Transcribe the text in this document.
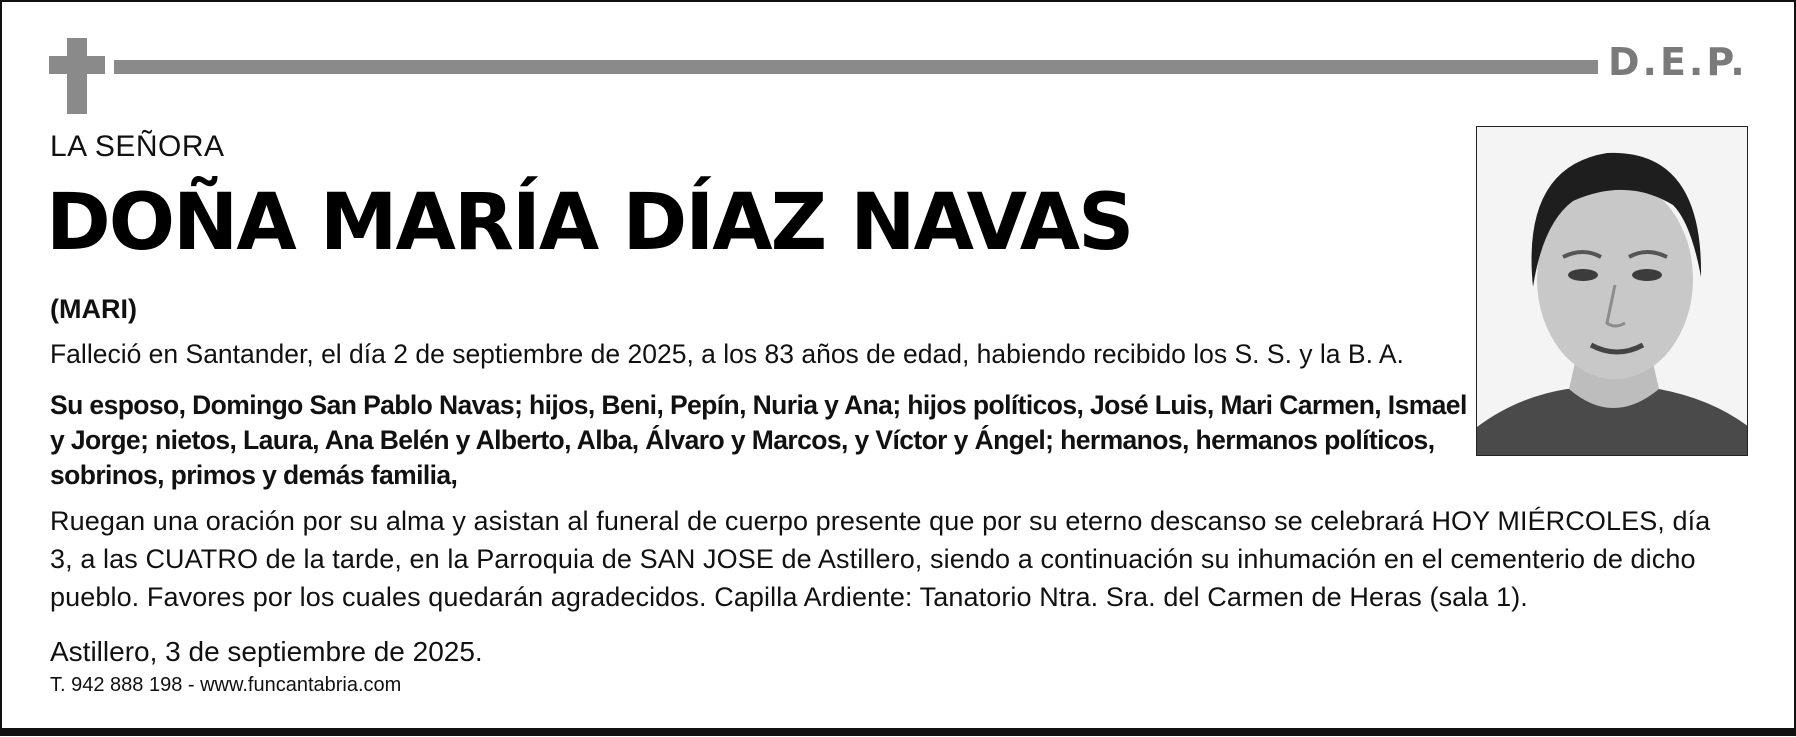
D.E.P.
LA SEÑORA
DOÑA MARÍA DÍAZ NAVAS
(MARI)
Falleció en Santander, el día 2 de septiembre de 2025, a los 83 años de edad, habiendo recibido los S. S. y la B. A.
Su esposo, Domingo San Pablo Navas; hijos, Beni, Pepín, Nuria y Ana; hijos políticos, José Luis, Mari Carmen, Ismael y Jorge; nietos, Laura, Ana Belén y Alberto, Alba, Álvaro y Marcos, y Víctor y Ángel; hermanos, hermanos políticos, sobrinos, primos y demás familia,
Ruegan una oración por su alma y asistan al funeral de cuerpo presente que por su eterno descanso se celebrará HOY MIÉRCOLES, día 3, a las CUATRO de la tarde, en la Parroquia de SAN JOSE de Astillero, siendo a continuación su inhumación en el cementerio de dicho pueblo. Favores por los cuales quedarán agradecidos. Capilla Ardiente: Tanatorio Ntra. Sra. del Carmen de Heras (sala 1).
Astillero, 3 de septiembre de 2025.
T. 942 888 198 - www.funcantabria.com
